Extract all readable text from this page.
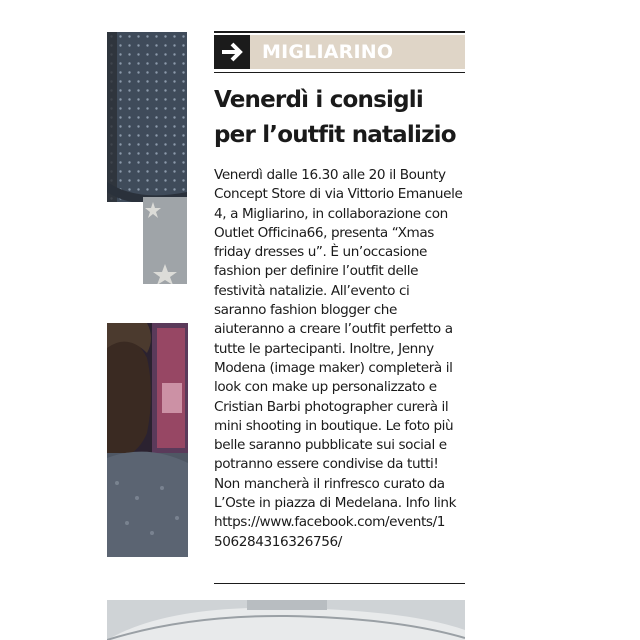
MIGLIARINO
Venerdì i consigli
per l’outfit natalizio
Venerdì dalle 16.30 alle 20 il Bounty
Concept Store di via Vittorio Emanuele
4, a Migliarino, in collaborazione con
Outlet Officina66, presenta “Xmas
friday dresses u”. È un’occasione
fashion per definire l’outfit delle
festività natalizie. All’evento ci
saranno fashion blogger che
aiuteranno a creare l’outfit perfetto a
tutte le partecipanti. Inoltre, Jenny
Modena (image maker) completerà il
look con make up personalizzato e
Cristian Barbi photographer curerà il
mini shooting in boutique. Le foto più
belle saranno pubblicate sui social e
potranno essere condivise da tutti!
Non mancherà il rinfresco curato da
L’Oste in piazza di Medelana. Info link
https://www.facebook.com/events/1
506284316326756/
